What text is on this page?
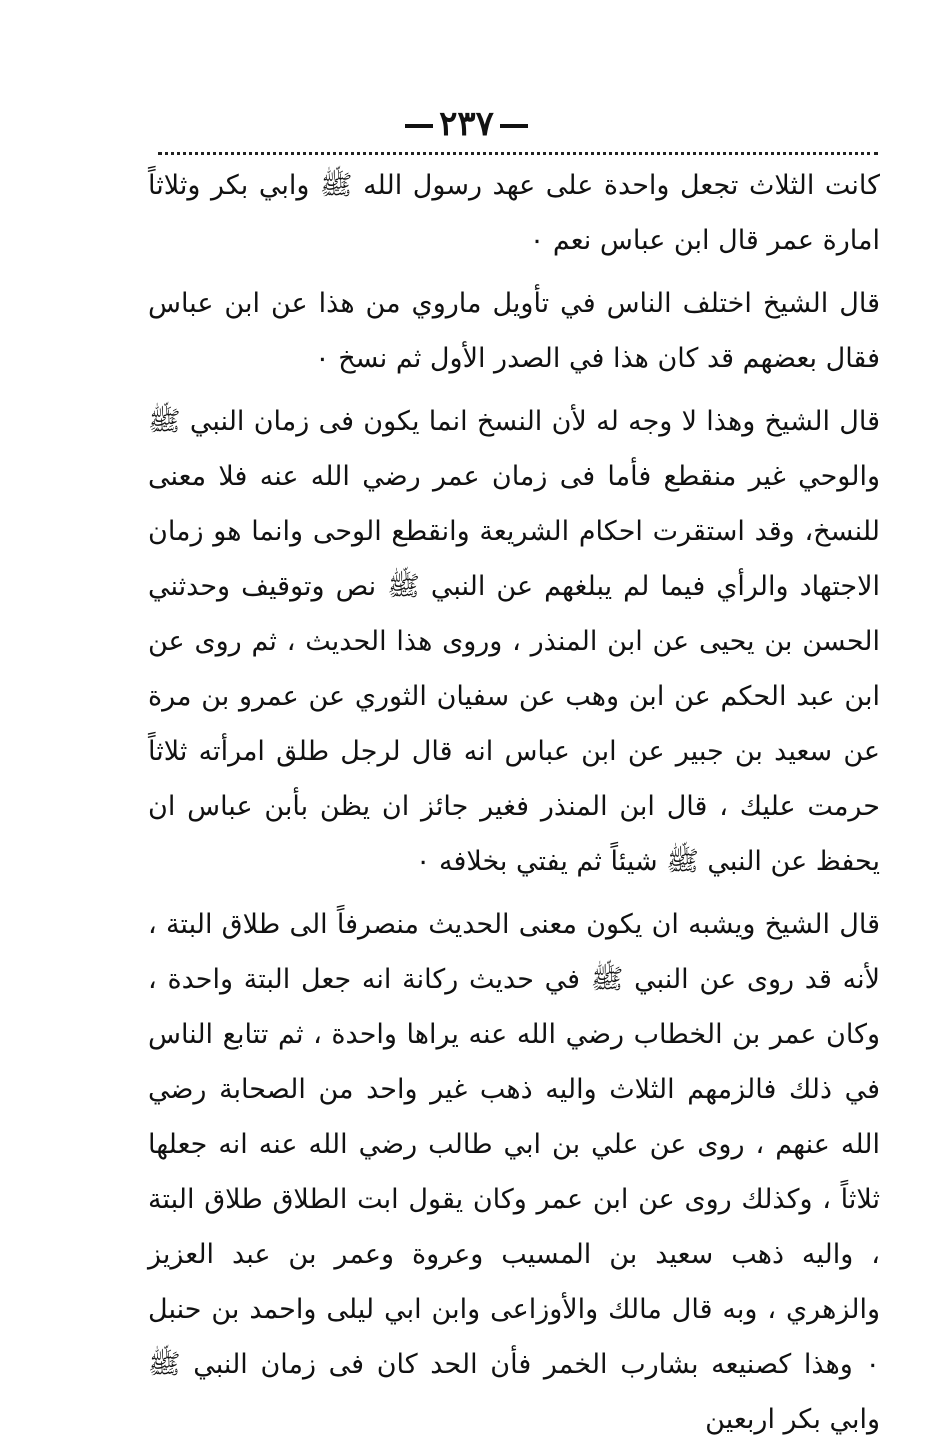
٢٣٧

كانت الثلاث تجعل واحدة على عهد رسول الله ﷺ وابي بكر وثلاثاً امارة عمر قال ابن عباس نعم ٠

قال الشيخ اختلف الناس في تأويل ماروي من هذا عن ابن عباس فقال بعضهم قد كان هذا في الصدر الأول ثم نسخ ٠

قال الشيخ وهذا لا وجه له لأن النسخ انما يكون فى زمان النبي ﷺ والوحي غير منقطع فأما فى زمان عمر رضي الله عنه فلا معنى للنسخ، وقد استقرت احكام الشريعة وانقطع الوحى وانما هو زمان الاجتهاد والرأي فيما لم يبلغهم عن النبي ﷺ نص وتوقيف وحدثني الحسن بن يحيى عن ابن المنذر ، وروى هذا الحديث ، ثم روى عن ابن عبد الحكم عن ابن وهب عن سفيان الثوري عن عمرو بن مرة عن سعيد بن جبير عن ابن عباس انه قال لرجل طلق امرأته ثلاثاً حرمت عليك ، قال ابن المنذر فغير جائز ان يظن بأبن عباس ان يحفظ عن النبي ﷺ شيئاً ثم يفتي بخلافه ٠

قال الشيخ ويشبه ان يكون معنى الحديث منصرفاً الى طلاق البتة ، لأنه قد روى عن النبي ﷺ في حديث ركانة انه جعل البتة واحدة ، وكان عمر بن الخطاب رضي الله عنه يراها واحدة ، ثم تتابع الناس في ذلك فالزمهم الثلاث واليه ذهب غير واحد من الصحابة رضي الله عنهم ، روى عن علي بن ابي طالب رضي الله عنه انه جعلها ثلاثاً ، وكذلك روى عن ابن عمر وكان يقول ابت الطلاق طلاق البتة ، واليه ذهب سعيد بن المسيب وعروة وعمر بن عبد العزيز والزهري ، وبه قال مالك والأوزاعى وابن ابي ليلى واحمد بن حنبل ٠ وهذا كصنيعه بشارب الخمر فأن الحد كان فى زمان النبي ﷺ وابي بكر اربعين
